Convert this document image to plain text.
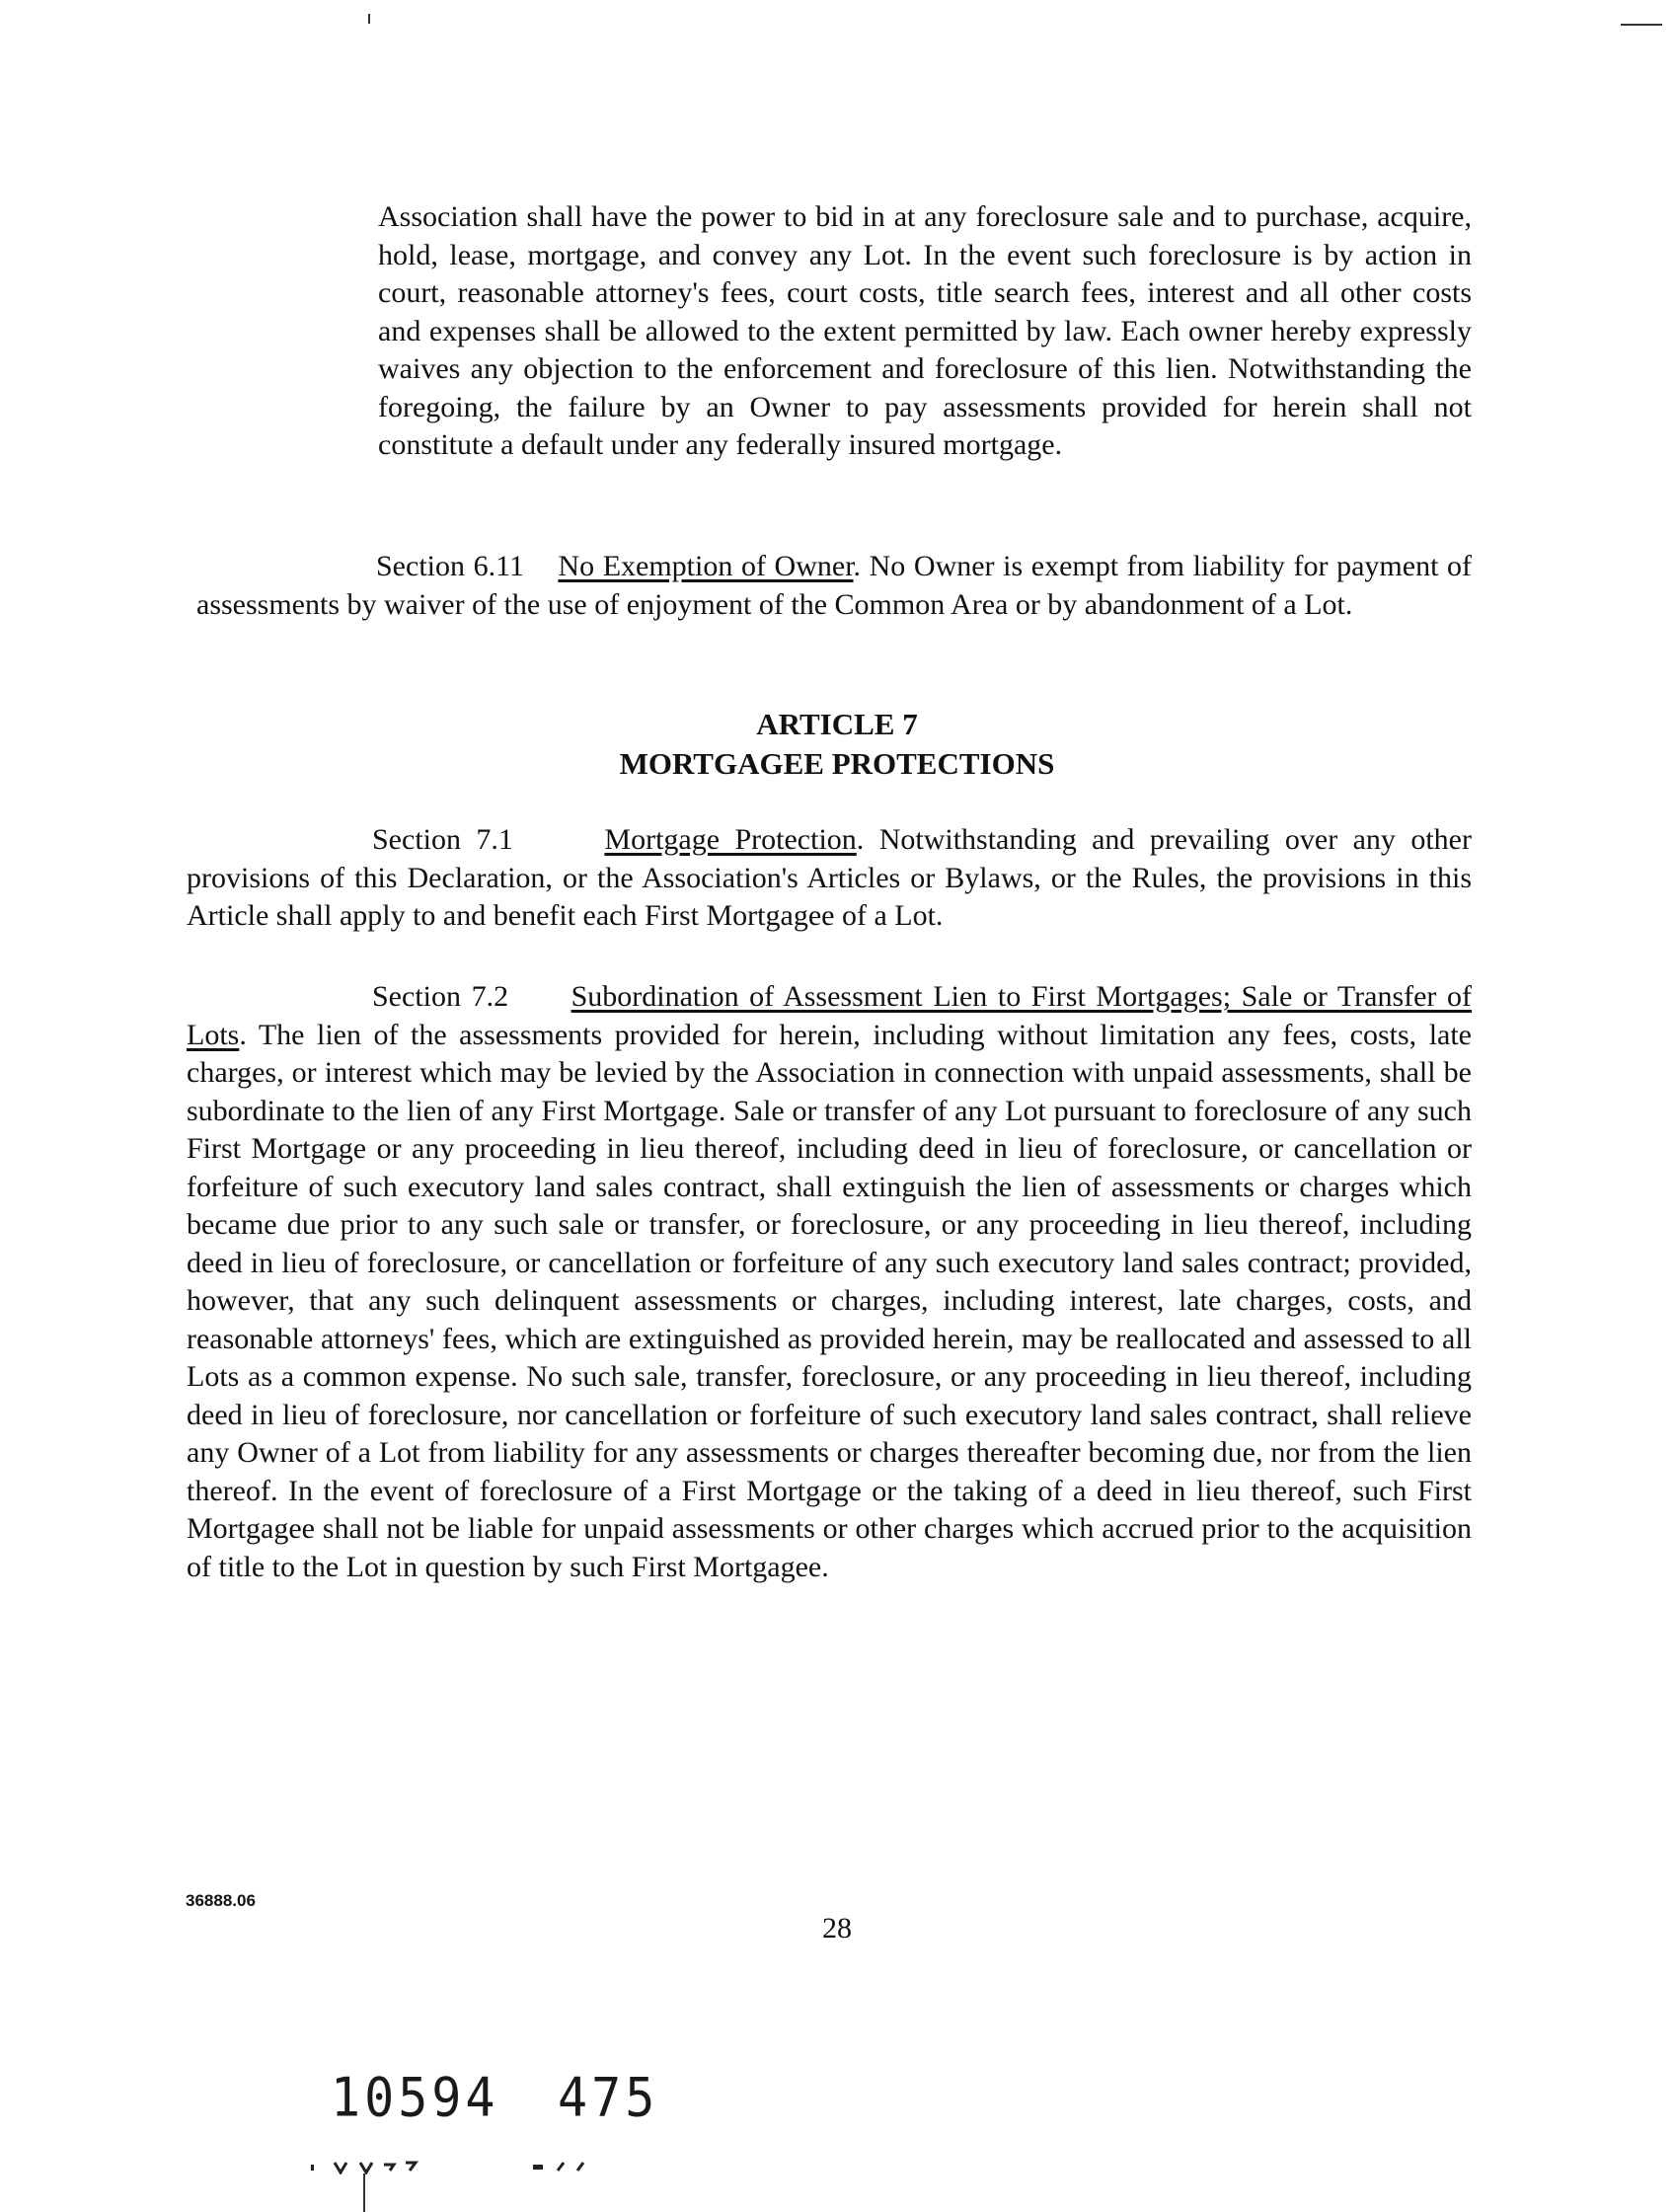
Association shall have the power to bid in at any foreclosure sale and to purchase, acquire, hold, lease, mortgage, and convey any Lot. In the event such foreclosure is by action in court, reasonable attorney's fees, court costs, title search fees, interest and all other costs and expenses shall be allowed to the extent permitted by law. Each owner hereby expressly waives any objection to the enforcement and foreclosure of this lien. Notwithstanding the foregoing, the failure by an Owner to pay assessments provided for herein shall not constitute a default under any federally insured mortgage.

Section 6.11 No Exemption of Owner. No Owner is exempt from liability for payment of assessments by waiver of the use of enjoyment of the Common Area or by abandonment of a Lot.

ARTICLE 7
MORTGAGEE PROTECTIONS

Section 7.1	Mortgage Protection. Notwithstanding and prevailing over any other provisions of this Declaration, or the Association's Articles or Bylaws, or the Rules, the provisions in this Article shall apply to and benefit each First Mortgagee of a Lot.

Section 7.2 Subordination of Assessment Lien to First Mortgages; Sale or Transfer of Lots. The lien of the assessments provided for herein, including without limitation any fees, costs, late charges, or interest which may be levied by the Association in connection with unpaid assessments, shall be subordinate to the lien of any First Mortgage. Sale or transfer of any Lot pursuant to foreclosure of any such First Mortgage or any proceeding in lieu thereof, including deed in lieu of foreclosure, or cancellation or forfeiture of such executory land sales contract, shall extinguish the lien of assessments or charges which became due prior to any such sale or transfer, or foreclosure, or any proceeding in lieu thereof, including deed in lieu of foreclosure, or cancellation or forfeiture of any such executory land sales contract; provided, however, that any such delinquent assessments or charges, including interest, late charges, costs, and reasonable attorneys' fees, which are extinguished as provided herein, may be reallocated and assessed to all Lots as a common expense. No such sale, transfer, foreclosure, or any proceeding in lieu thereof, including deed in lieu of foreclosure, nor cancellation or forfeiture of such executory land sales contract, shall relieve any Owner of a Lot from liability for any assessments or charges thereafter becoming due, nor from the lien thereof. In the event of foreclosure of a First Mortgage or the taking of a deed in lieu thereof, such First Mortgagee shall not be liable for unpaid assessments or other charges which accrued prior to the acquisition of title to the Lot in question by such First Mortgagee.

36888.06
28
10594 475
